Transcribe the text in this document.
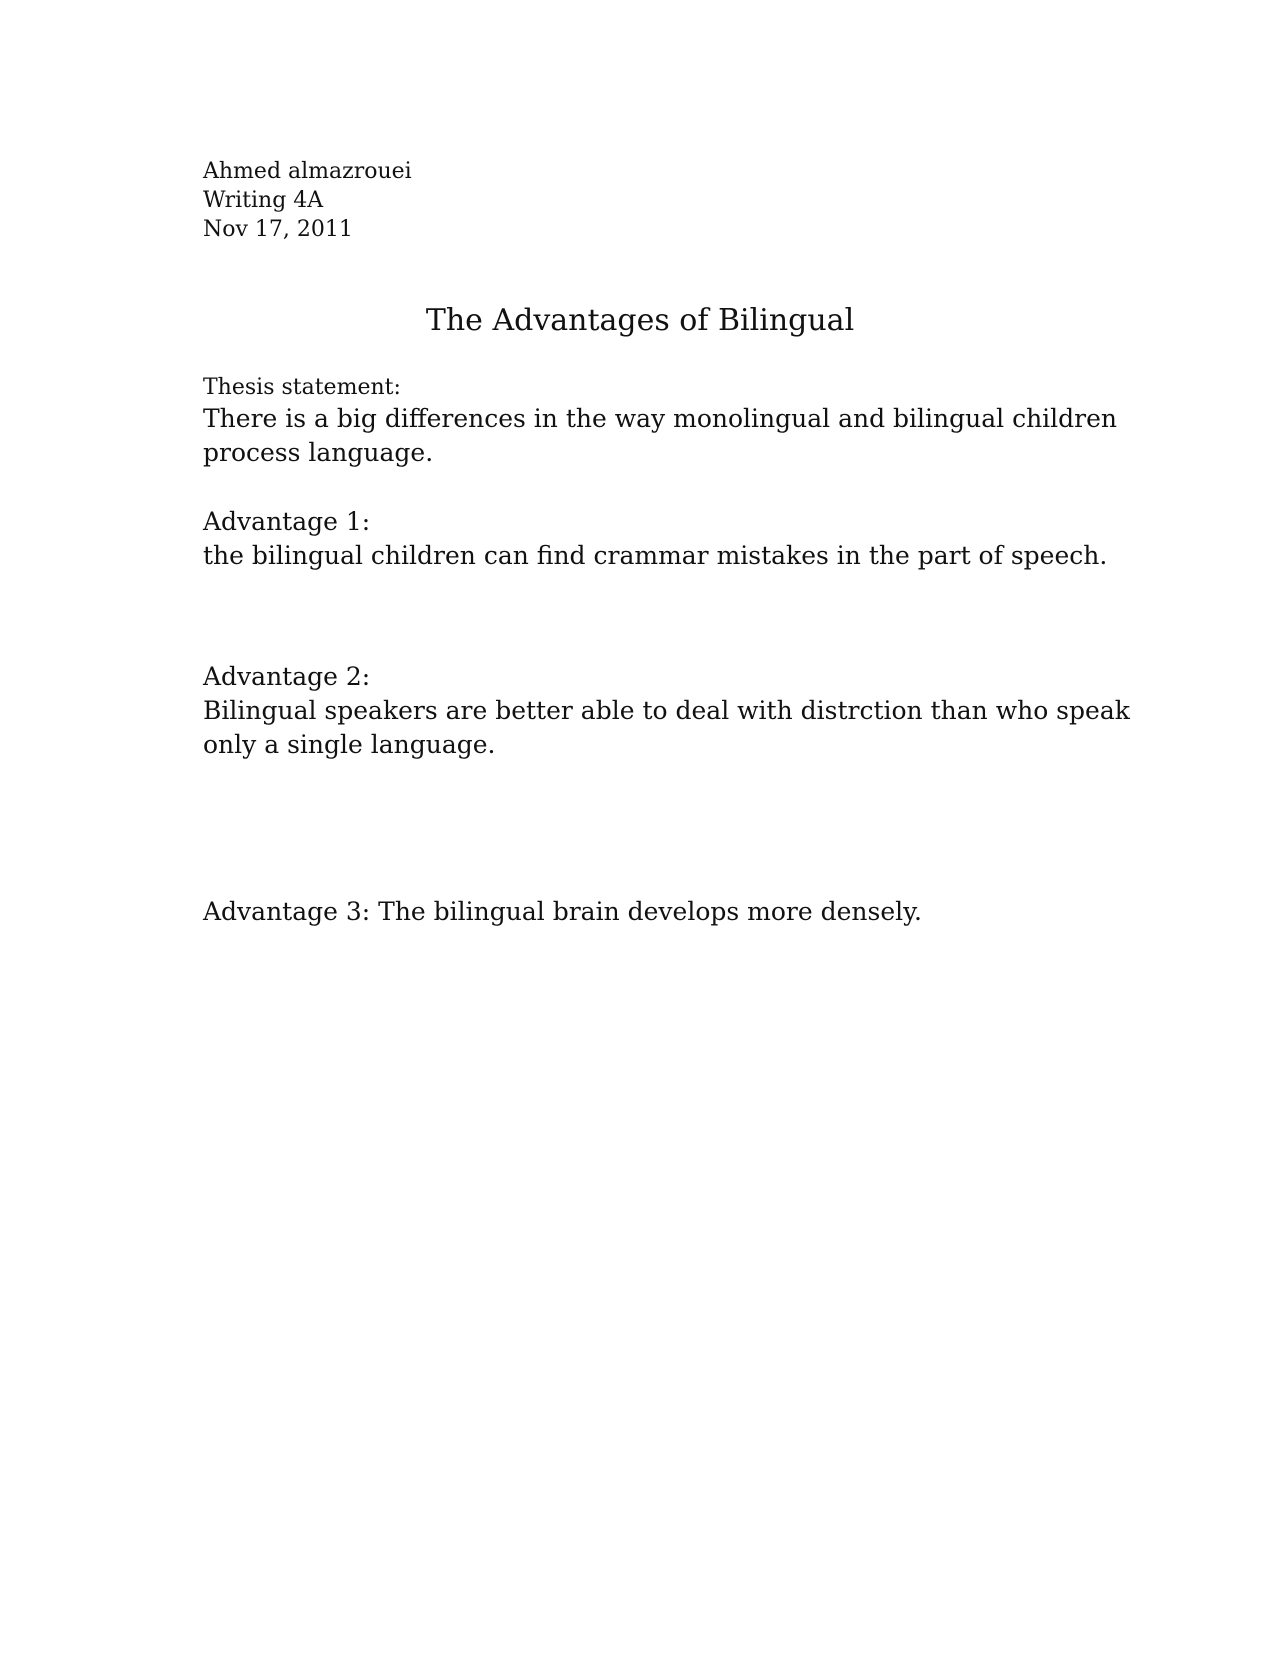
Ahmed almazrouei
Writing 4A
Nov 17, 2011
The Advantages of Bilingual
Thesis statement:
There is a big differences in the way monolingual and bilingual children
process language.
Advantage 1:
the bilingual children can find crammar mistakes in the part of speech.
Advantage 2:
Bilingual speakers are better able to deal with distrction than who speak
only a single language.
Advantage 3: The bilingual brain develops more densely.
